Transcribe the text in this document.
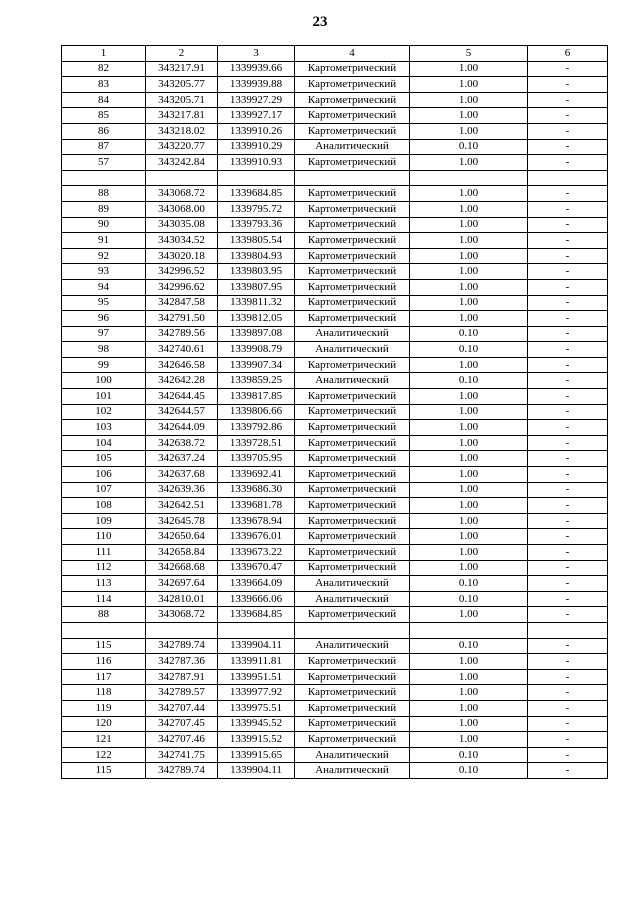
23
1	2	3	4	5	6
82	343217.91	1339939.66	Картометрический	1.00	-
83	343205.77	1339939.88	Картометрический	1.00	-
84	343205.71	1339927.29	Картометрический	1.00	-
85	343217.81	1339927.17	Картометрический	1.00	-
86	343218.02	1339910.26	Картометрический	1.00	-
87	343220.77	1339910.29	Аналитический	0.10	-
57	343242.84	1339910.93	Картометрический	1.00	-

88	343068.72	1339684.85	Картометрический	1.00	-
89	343068.00	1339795.72	Картометрический	1.00	-
90	343035.08	1339793.36	Картометрический	1.00	-
91	343034.52	1339805.54	Картометрический	1.00	-
92	343020.18	1339804.93	Картометрический	1.00	-
93	342996.52	1339803.95	Картометрический	1.00	-
94	342996.62	1339807.95	Картометрический	1.00	-
95	342847.58	1339811.32	Картометрический	1.00	-
96	342791.50	1339812.05	Картометрический	1.00	-
97	342789.56	1339897.08	Аналитический	0.10	-
98	342740.61	1339908.79	Аналитический	0.10	-
99	342646.58	1339907.34	Картометрический	1.00	-
100	342642.28	1339859.25	Аналитический	0.10	-
101	342644.45	1339817.85	Картометрический	1.00	-
102	342644.57	1339806.66	Картометрический	1.00	-
103	342644.09	1339792.86	Картометрический	1.00	-
104	342638.72	1339728.51	Картометрический	1.00	-
105	342637.24	1339705.95	Картометрический	1.00	-
106	342637.68	1339692.41	Картометрический	1.00	-
107	342639.36	1339686.30	Картометрический	1.00	-
108	342642.51	1339681.78	Картометрический	1.00	-
109	342645.78	1339678.94	Картометрический	1.00	-
110	342650.64	1339676.01	Картометрический	1.00	-
111	342658.84	1339673.22	Картометрический	1.00	-
112	342668.68	1339670.47	Картометрический	1.00	-
113	342697.64	1339664.09	Аналитический	0.10	-
114	342810.01	1339666.06	Аналитический	0.10	-
88	343068.72	1339684.85	Картометрический	1.00	-

115	342789.74	1339904.11	Аналитический	0.10	-
116	342787.36	1339911.81	Картометрический	1.00	-
117	342787.91	1339951.51	Картометрический	1.00	-
118	342789.57	1339977.92	Картометрический	1.00	-
119	342707.44	1339975.51	Картометрический	1.00	-
120	342707.45	1339945.52	Картометрический	1.00	-
121	342707.46	1339915.52	Картометрический	1.00	-
122	342741.75	1339915.65	Аналитический	0.10	-
115	342789.74	1339904.11	Аналитический	0.10	-
